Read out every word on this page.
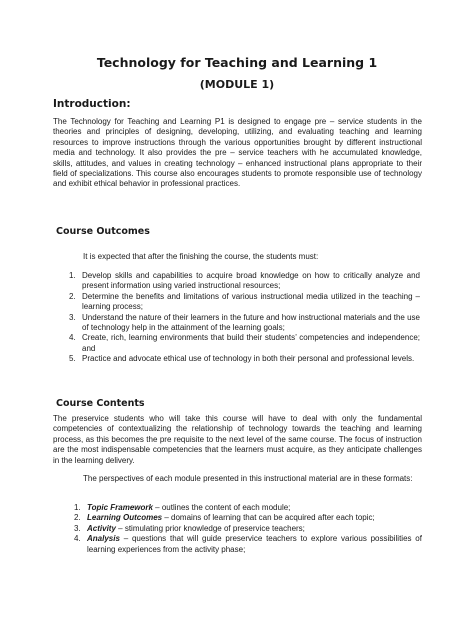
Technology for Teaching and Learning 1
(MODULE 1)
Introduction:

The Technology for Teaching and Learning P1 is designed to engage pre – service students in the theories and principles of designing, developing, utilizing, and evaluating teaching and learning resources to improve instructions through the various opportunities brought by different instructional media and technology. It also provides the pre – service teachers with he accumulated knowledge, skills, attitudes, and values in creating technology – enhanced instructional plans appropriate to their field of specializations. This course also encourages students to promote responsible use of technology and exhibit ethical behavior in professional practices.

Course Outcomes

It is expected that after the finishing the course, the students must:

1. Develop skills and capabilities to acquire broad knowledge on how to critically analyze and present information using varied instructional resources;
2. Determine the benefits and limitations of various instructional media utilized in the teaching – learning process;
3. Understand the nature of their learners in the future and how instructional materials and the use of technology help in the attainment of the learning goals;
4. Create, rich, learning environments that build their students’ competencies and independence; and
5. Practice and advocate ethical use of technology in both their personal and professional levels.
Course Contents

The preservice students who will take this course will have to deal with only the fundamental competencies of contextualizing the relationship of technology towards the teaching and learning process, as this becomes the pre requisite to the next level of the same course. The focus of instruction are the most indispensable competencies that the learners must acquire, as they anticipate challenges in the learning delivery.

The perspectives of each module presented in this instructional material are in these formats:

1. Topic Framework – outlines the content of each module;
2. Learning Outcomes – domains of learning that can be acquired after each topic;
3. Activity – stimulating prior knowledge of preservice teachers;
4. Analysis – questions that will guide preservice teachers to explore various possibilities of learning experiences from the activity phase;
